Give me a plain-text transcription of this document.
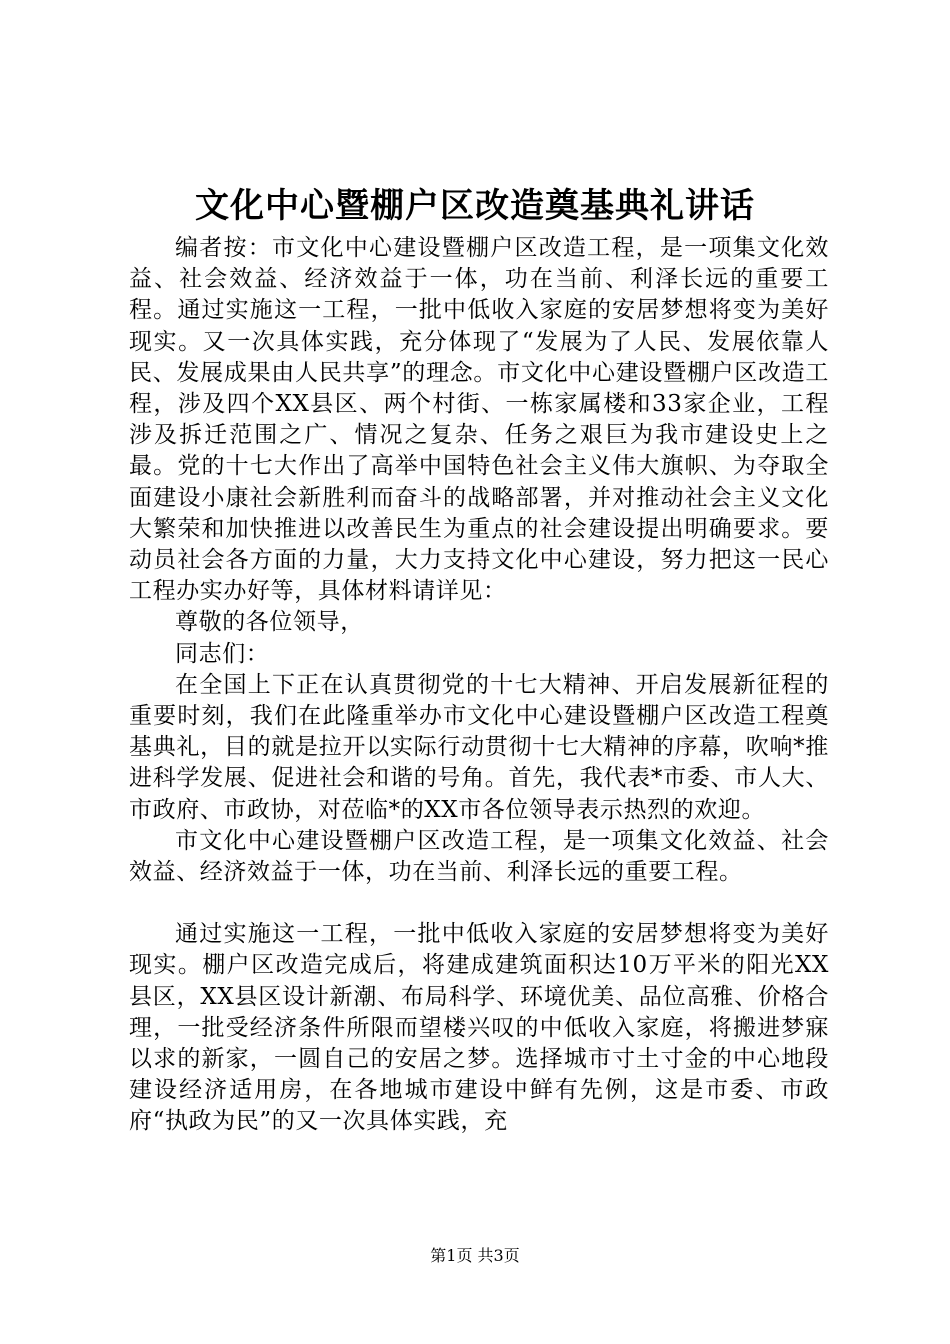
文化中心暨棚户区改造奠基典礼讲话

编者按：市文化中心建设暨棚户区改造工程，是一项集文化效益、社会效益、经济效益于一体，功在当前、利泽长远的重要工程。通过实施这一工程，一批中低收入家庭的安居梦想将变为美好现实。又一次具体实践，充分体现了“发展为了人民、发展依靠人民、发展成果由人民共享”的理念。市文化中心建设暨棚户区改造工程，涉及四个XX县区、两个村街、一栋家属楼和33家企业，工程涉及拆迁范围之广、情况之复杂、任务之艰巨为我市建设史上之最。党的十七大作出了高举中国特色社会主义伟大旗帜、为夺取全面建设小康社会新胜利而奋斗的战略部署，并对推动社会主义文化大繁荣和加快推进以改善民生为重点的社会建设提出明确要求。要动员社会各方面的力量，大力支持文化中心建设，努力把这一民心工程办实办好等，具体材料请详见：

尊敬的各位领导，

同志们：

在全国上下正在认真贯彻党的十七大精神、开启发展新征程的重要时刻，我们在此隆重举办市文化中心建设暨棚户区改造工程奠基典礼，目的就是拉开以实际行动贯彻十七大精神的序幕，吹响*推进科学发展、促进社会和谐的号角。首先，我代表*市委、市人大、市政府、市政协，对莅临*的XX市各位领导表示热烈的欢迎。

市文化中心建设暨棚户区改造工程，是一项集文化效益、社会效益、经济效益于一体，功在当前、利泽长远的重要工程。

通过实施这一工程，一批中低收入家庭的安居梦想将变为美好现实。棚户区改造完成后，将建成建筑面积达10万平米的阳光XX县区，XX县区设计新潮、布局科学、环境优美、品位高雅、价格合理，一批受经济条件所限而望楼兴叹的中低收入家庭，将搬进梦寐以求的新家，一圆自己的安居之梦。选择城市寸土寸金的中心地段建设经济适用房，在各地城市建设中鲜有先例，这是市委、市政府“执政为民”的又一次具体实践，充

第1页 共3页
